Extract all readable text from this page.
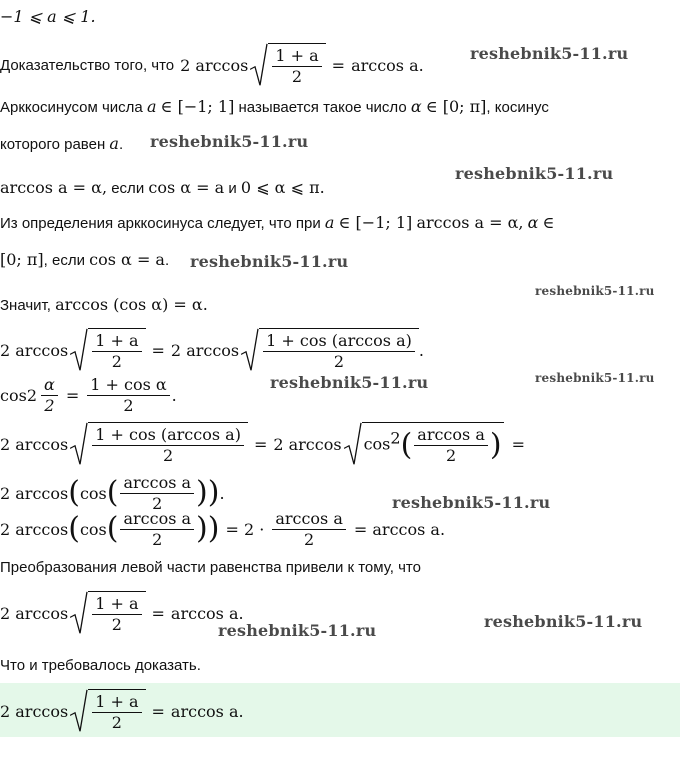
−1 ⩽ a ⩽ 1.
Доказательство того, что 2 $\arccos \frac{1 + a}{2} = \arccos a$ .
reshebnik5-11.ru
Арккосинусом числа a ∈ [−1; 1] называется такое число α ∈ [0; π], косинус
которого равен a. reshebnik5-11.ru
arccos a = α, если cos α = a и 0 ⩽ α ⩽ π.
reshebnik5-11.ru
Из определения арккосинуса следует, что при a ∈ [−1; 1] arccos a = α, α ∈
[0; π], если cos α = a. reshebnik5-11.ru
Значит, arccos (cos α) = α.
reshebnik5-11.ru
2 $\arccos \frac{1 + a}{2} = 2$ $\arccos \frac{\text{1 + cos (arccos a)}}{2}$ .
$\cos 2 \frac{\alpha}{2} = \frac{\text{1 + cos α}}{2}$ .
reshebnik5-11.ru	reshebnik5-11.ru
2 $\arccos \frac{\text{1 + cos (arccos a)}}{2} = 2$ arccos	$\cos^2( \frac{\text{arccos a}}{2}$ ) =
2 arccos ( cos ( $\frac{\text{arccos a}}{2}$ )) .	reshebnik5-11.ru
2 arccos ( cos ( $\frac{\text{arccos a}}{2}$ )) = $2 \cdot \frac{\text{arccos a}}{2} = \arccos a$.
Преобразования левой части равенства привели к тому, что
2 $\arccos \frac{1 + a}{2} = \arccos a$ .
reshebnik5-11.ru	reshebnik5-11.ru
Что и требовалось доказать.
2 $\arccos \frac{1 + a}{2} = \arccos a$ .
